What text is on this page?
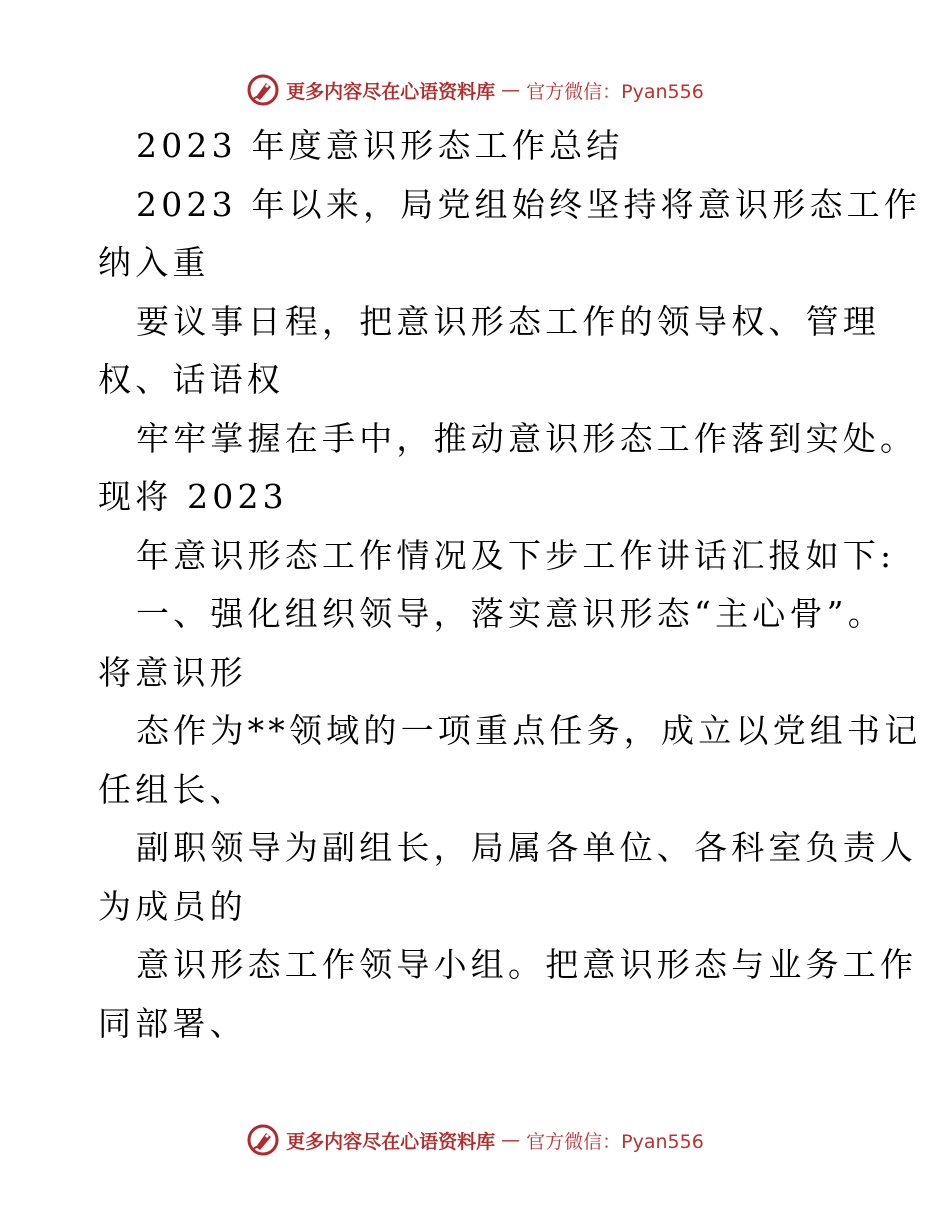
更多内容尽在心语资料库 — 官方微信：Pyan556
2023 年度意识形态工作总结
2023 年以来，局党组始终坚持将意识形态工作
纳入重
要议事日程，把意识形态工作的领导权、管理
权、话语权
牢牢掌握在手中，推动意识形态工作落到实处。
现将 2023
年意识形态工作情况及下步工作讲话汇报如下:
一、强化组织领导，落实意识形态“主心骨”。
将意识形
态作为**领域的一项重点任务，成立以党组书记
任组长、
副职领导为副组长，局属各单位、各科室负责人
为成员的
意识形态工作领导小组。把意识形态与业务工作
同部署、
更多内容尽在心语资料库 — 官方微信：Pyan556
